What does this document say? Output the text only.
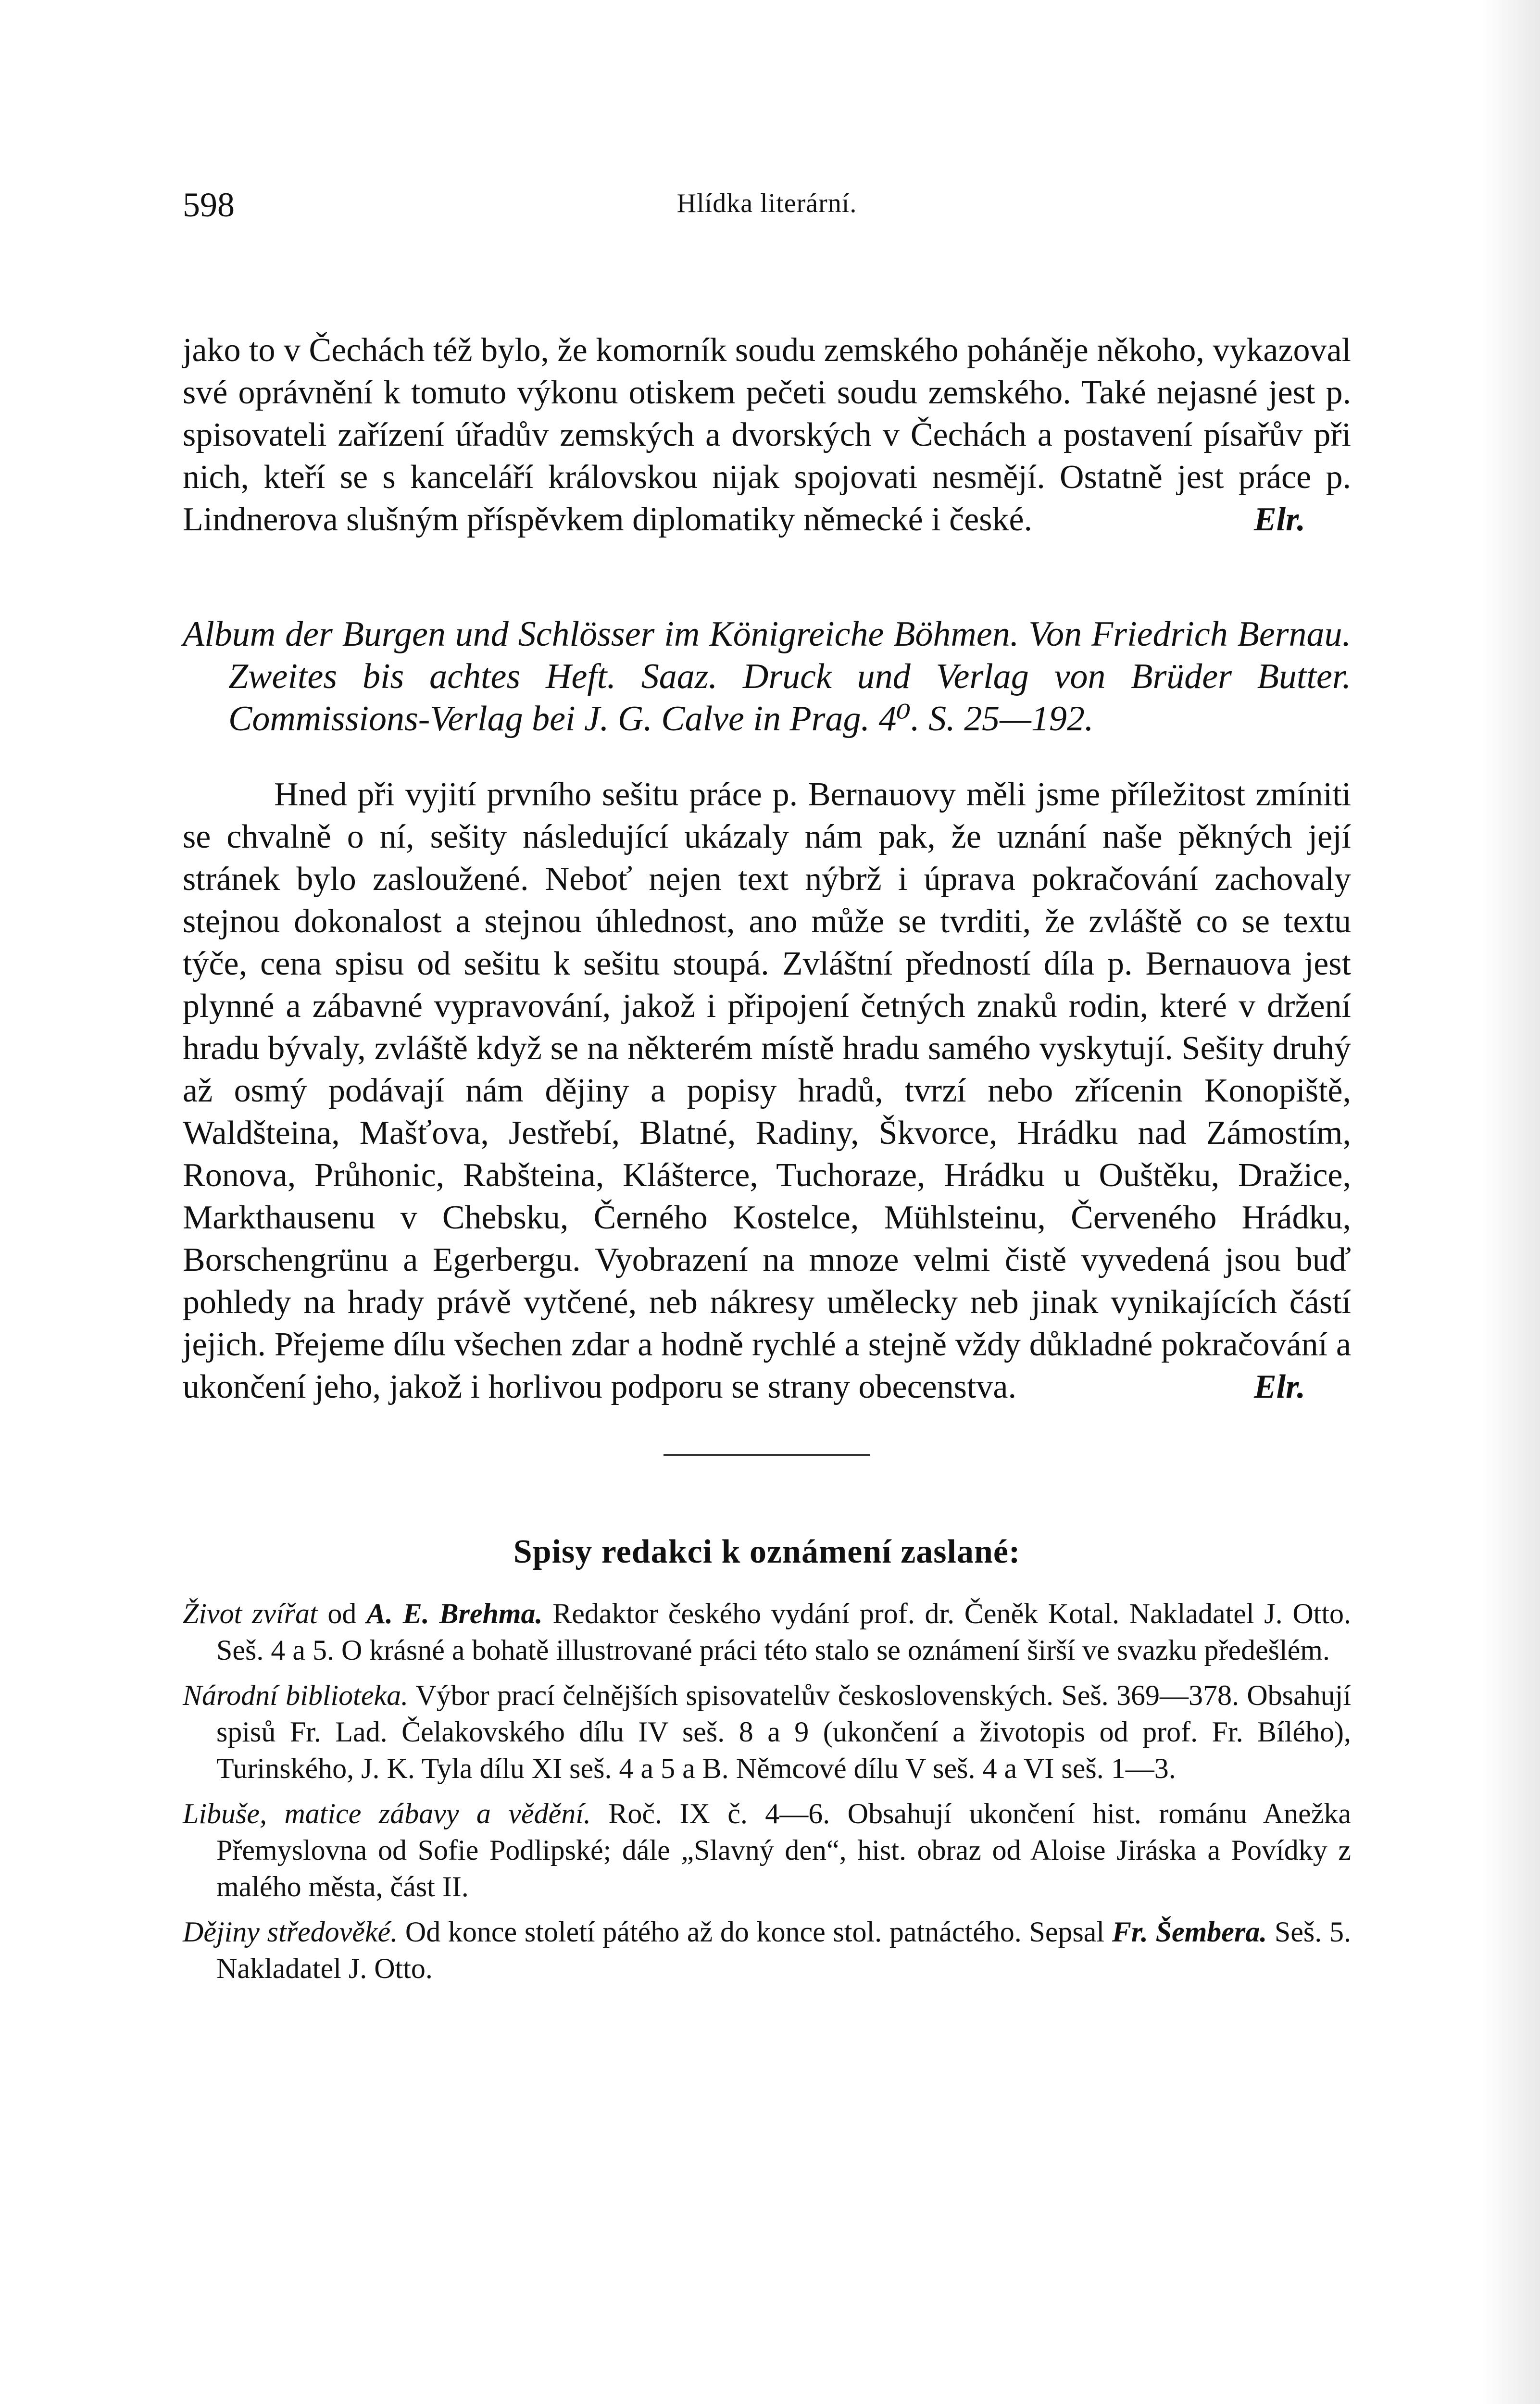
598	Hlídka literární.

jako to v Čechách též bylo, že komorník soudu zemského poháněje někoho, vykazoval své oprávnění k tomuto výkonu otiskem pečeti soudu zemského. Také nejasné jest p. spisovateli zařízení úřadův zemských a dvorských v Čechách a postavení písařův při nich, kteří se s kanceláří královskou nijak spojovati nesmějí. Ostatně jest práce p. Lindnerova slušným příspěvkem diplomatiky německé i české.	Elr.

Album der Burgen und Schlösser im Königreiche Böhmen. Von Friedrich Bernau. Zweites bis achtes Heft. Saaz. Druck und Verlag von Brüder Butter. Commissions-Verlag bei J. G. Calve in Prag. 4⁰. S. 25—192.

Hned při vyjití prvního sešitu práce p. Bernauovy měli jsme příležitost zmíniti se chvalně o ní, sešity následující ukázaly nám pak, že uznání naše pěkných její stránek bylo zasloužené. Neboť nejen text nýbrž i úprava pokračování zachovaly stejnou dokonalost a stejnou úhlednost, ano může se tvrditi, že zvláště co se textu týče, cena spisu od sešitu k sešitu stoupá. Zvláštní předností díla p. Bernauova jest plynné a zábavné vypravování, jakož i připojení četných znaků rodin, které v držení hradu bývaly, zvláště když se na některém místě hradu samého vyskytují. Sešity druhý až osmý podávají nám dějiny a popisy hradů, tvrzí nebo zřícenin Konopiště, Waldšteina, Mašťova, Jestřebí, Blatné, Radiny, Škvorce, Hrádku nad Zámostím, Ronova, Průhonic, Rabšteina, Klášterce, Tuchoraze, Hrádku u Ouštěku, Dražice, Markthausenu v Chebsku, Černého Kostelce, Mühlsteinu, Červeného Hrádku, Borschengrünu a Egerbergu. Vyobrazení na mnoze velmi čistě vyvedená jsou buď pohledy na hrady právě vytčené, neb nákresy umělecky neb jinak vynikajících částí jejich. Přejeme dílu všechen zdar a hodně rychlé a stejně vždy důkladné pokračování a ukončení jeho, jakož i horlivou podporu se strany obecenstva.	Elr.

Spisy redakci k oznámení zaslané:

Život zvířat od A. E. Brehma. Redaktor českého vydání prof. dr. Čeněk Kotal. Nakladatel J. Otto. Seš. 4 a 5. O krásné a bohatě illustrované práci této stalo se oznámení širší ve svazku předešlém.

Národní biblioteka. Výbor prací čelnějších spisovatelův československých. Seš. 369—378. Obsahují spisů Fr. Lad. Čelakovského dílu IV seš. 8 a 9 (ukončení a životopis od prof. Fr. Bílého), Turinského, J. K. Tyla dílu XI seš. 4 a 5 a B. Němcové dílu V seš. 4 a VI seš. 1—3.

Libuše, matice zábavy a vědění. Roč. IX č. 4—6. Obsahují ukončení hist. románu Anežka Přemyslovna od Sofie Podlipské; dále „Slavný den“, hist. obraz od Aloise Jiráska a Povídky z malého města, část II.

Dějiny středověké. Od konce století pátého až do konce stol. patnáctého. Sepsal Fr. Šembera. Seš. 5. Nakladatel J. Otto.
